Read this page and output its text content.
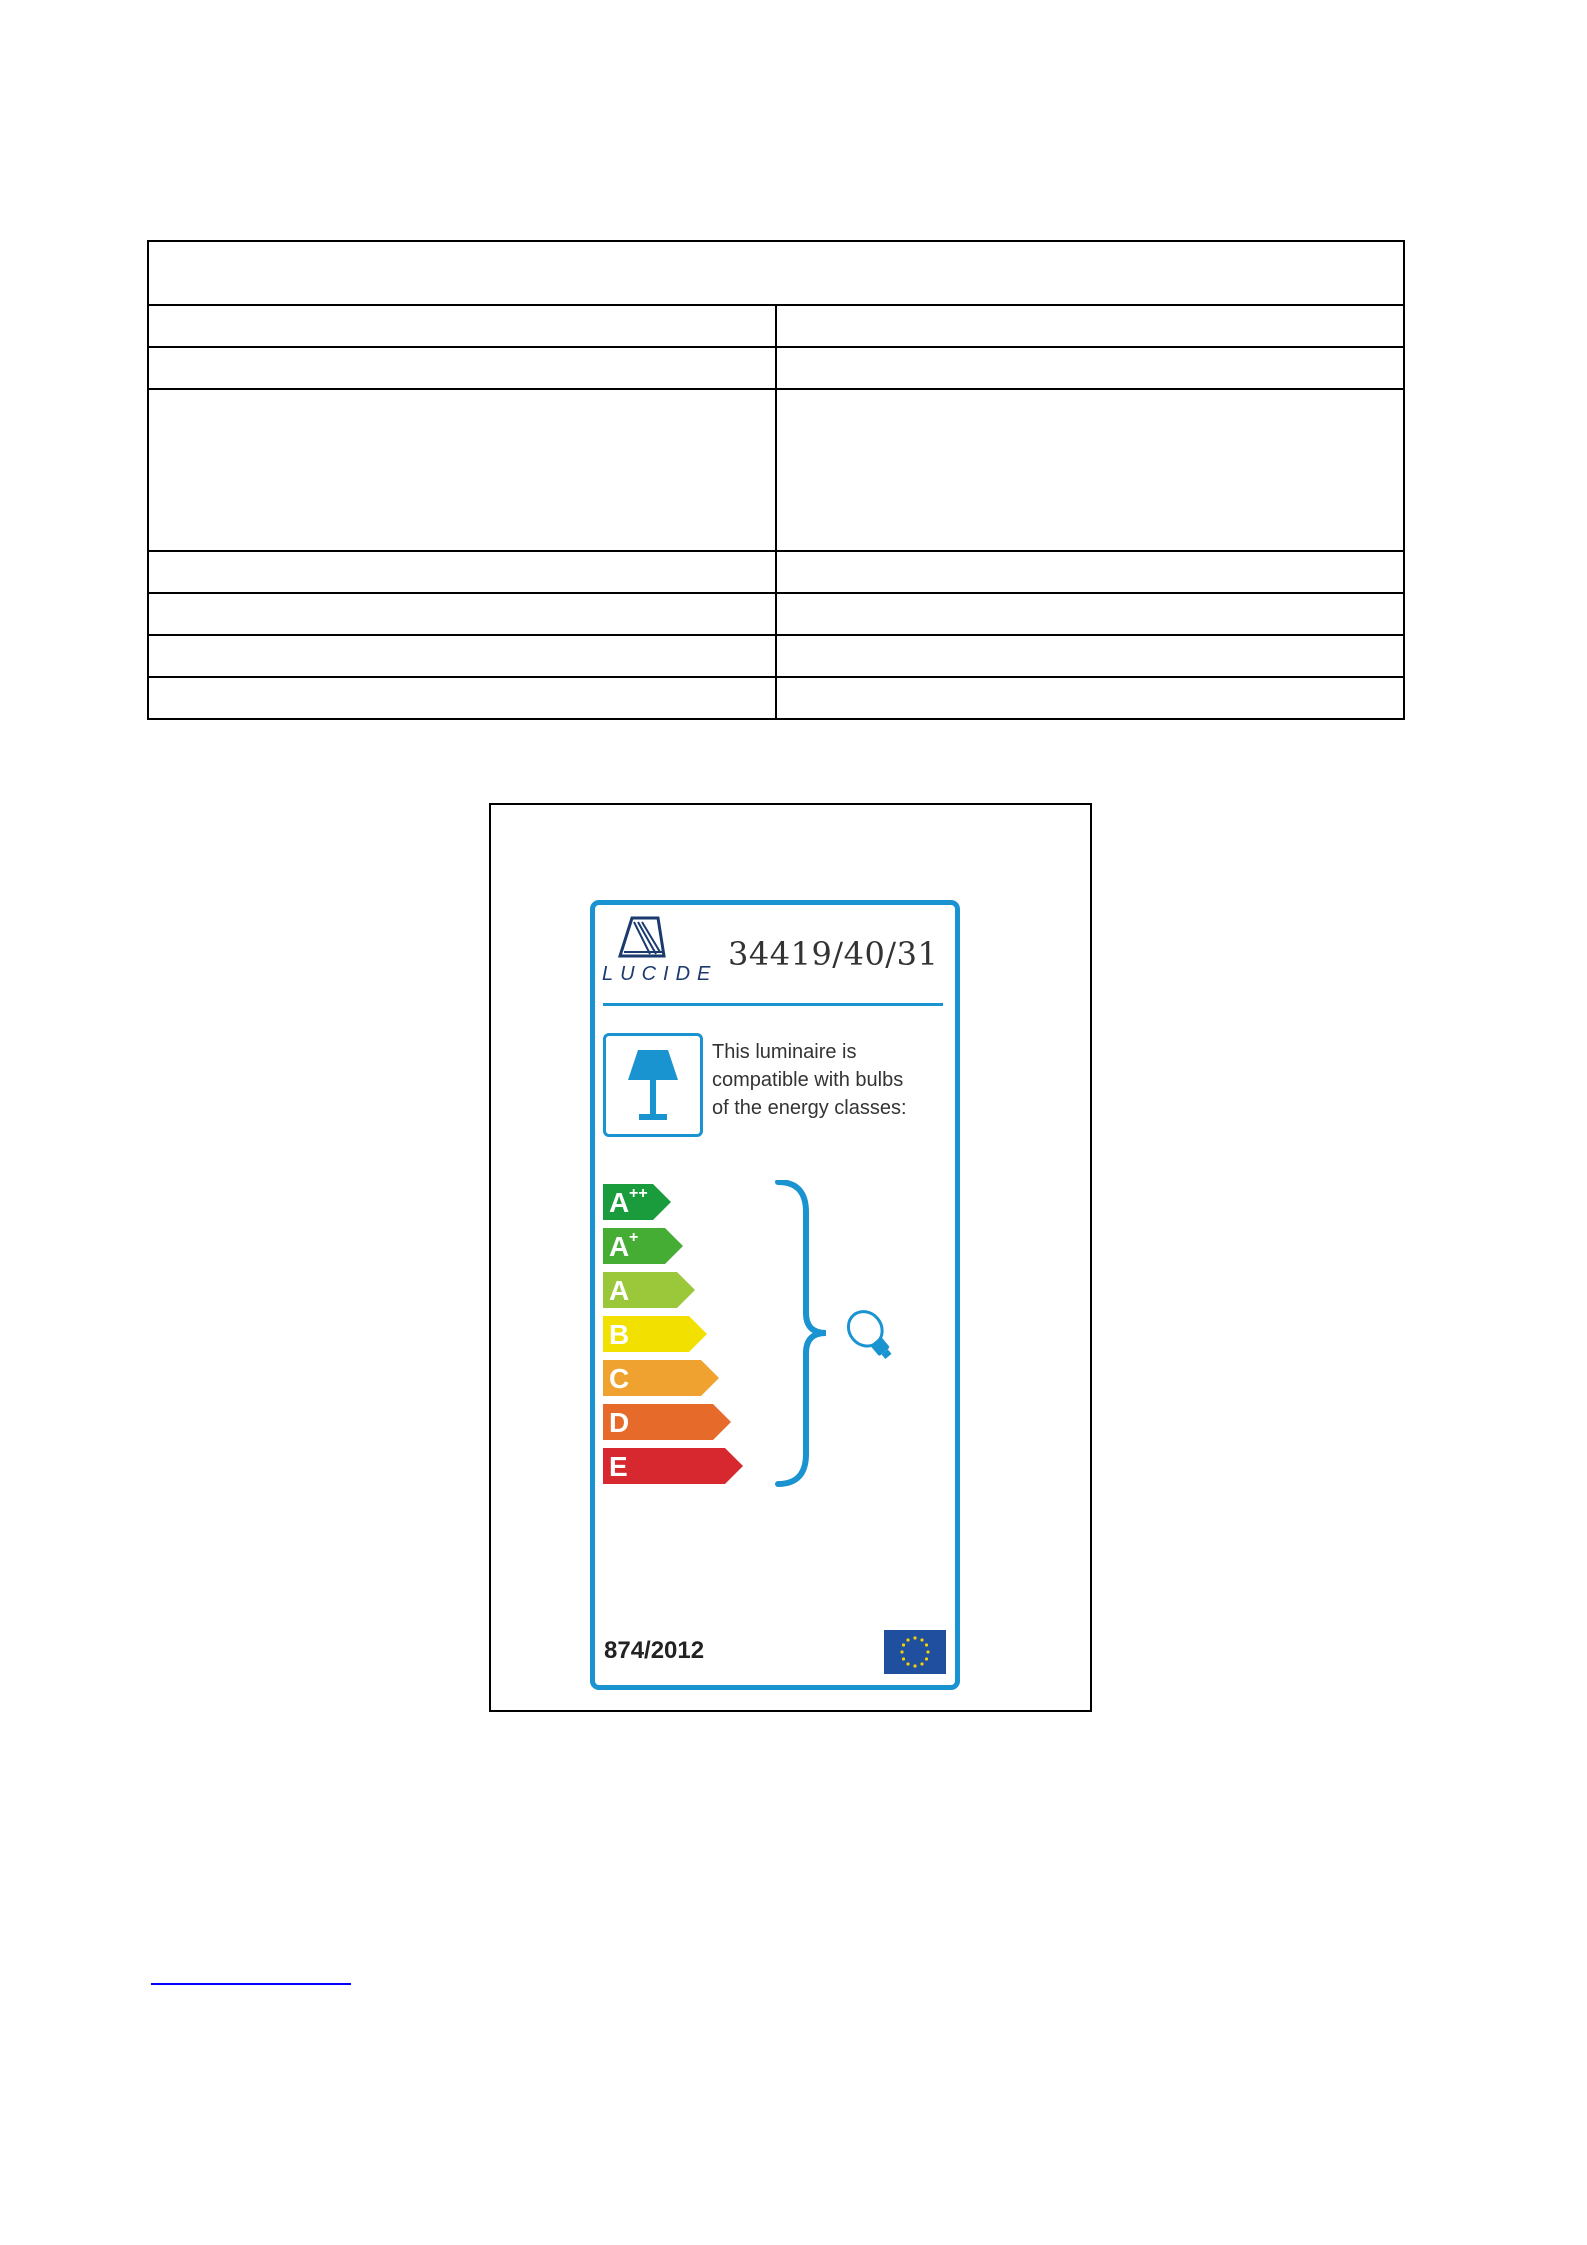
LUCIDE
34419/40/31
This luminaire is
compatible with bulbs
of the energy classes:
A ++
A +
A
B
C
D
E
874/2012
